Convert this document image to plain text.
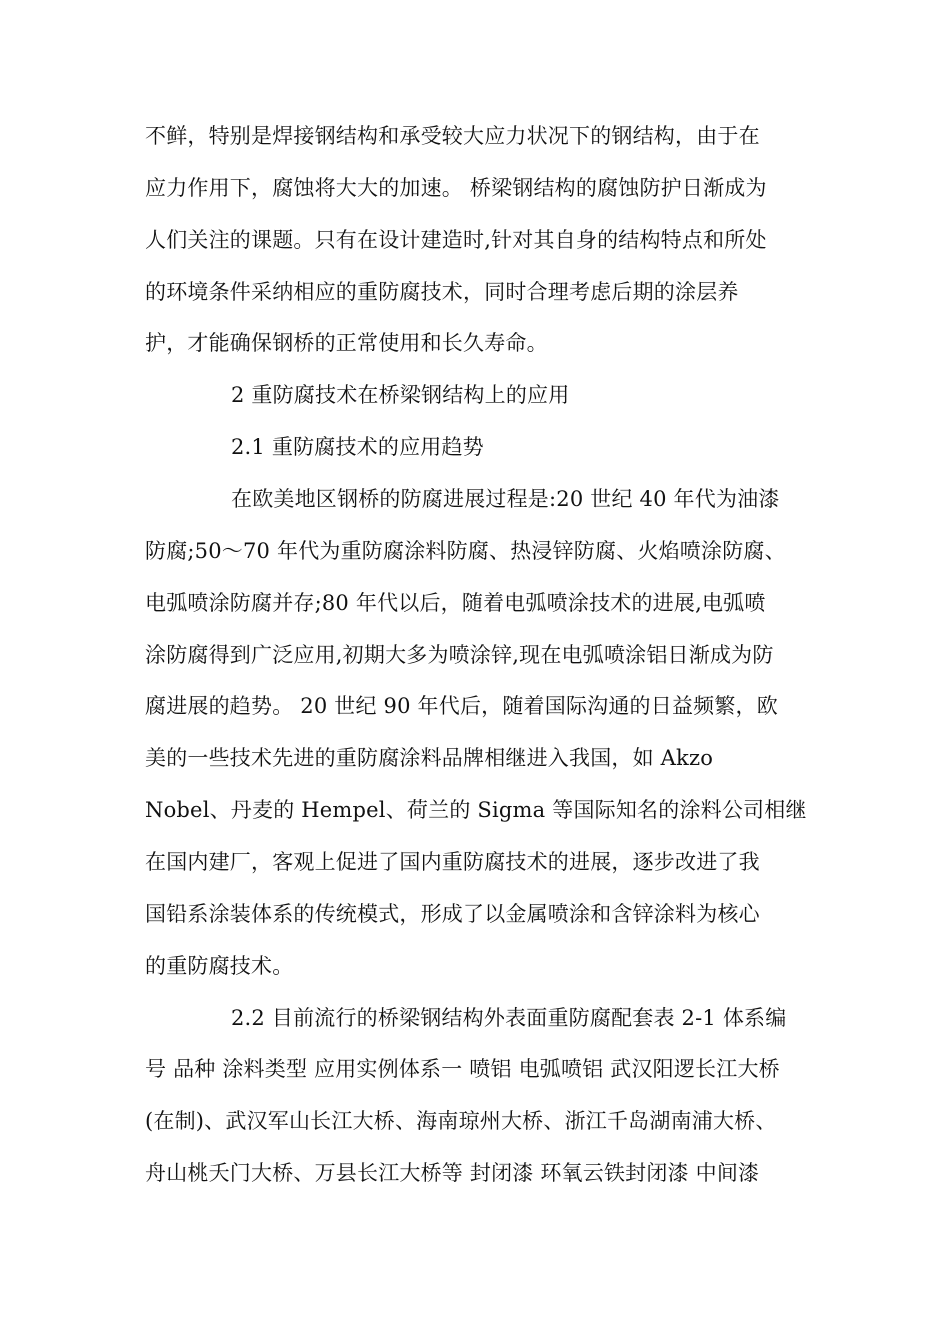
不鲜，特别是焊接钢结构和承受较大应力状况下的钢结构，由于在
应力作用下，腐蚀将大大的加速。 桥梁钢结构的腐蚀防护日渐成为
人们关注的课题。只有在设计建造时,针对其自身的结构特点和所处
的环境条件采纳相应的重防腐技术，同时合理考虑后期的涂层养
护，才能确保钢桥的正常使用和长久寿命。
2 重防腐技术在桥梁钢结构上的应用
2.1 重防腐技术的应用趋势
在欧美地区钢桥的防腐进展过程是:20 世纪 40 年代为油漆
防腐;50～70 年代为重防腐涂料防腐、热浸锌防腐、火焰喷涂防腐、
电弧喷涂防腐并存;80 年代以后，随着电弧喷涂技术的进展,电弧喷
涂防腐得到广泛应用,初期大多为喷涂锌,现在电弧喷涂铝日渐成为防
腐进展的趋势。 20 世纪 90 年代后，随着国际沟通的日益频繁，欧
美的一些技术先进的重防腐涂料品牌相继进入我国，如 Akzo
Nobel、丹麦的 Hempel、荷兰的 Sigma 等国际知名的涂料公司相继
在国内建厂，客观上促进了国内重防腐技术的进展，逐步改进了我
国铅系涂装体系的传统模式，形成了以金属喷涂和含锌涂料为核心
的重防腐技术。
2.2 目前流行的桥梁钢结构外表面重防腐配套表 2-1 体系编
号 品种 涂料类型 应用实例体系一 喷铝 电弧喷铝 武汉阳逻长江大桥
(在制)、武汉军山长江大桥、海南琼州大桥、浙江千岛湖南浦大桥、
舟山桃夭门大桥、万县长江大桥等 封闭漆 环氧云铁封闭漆 中间漆
